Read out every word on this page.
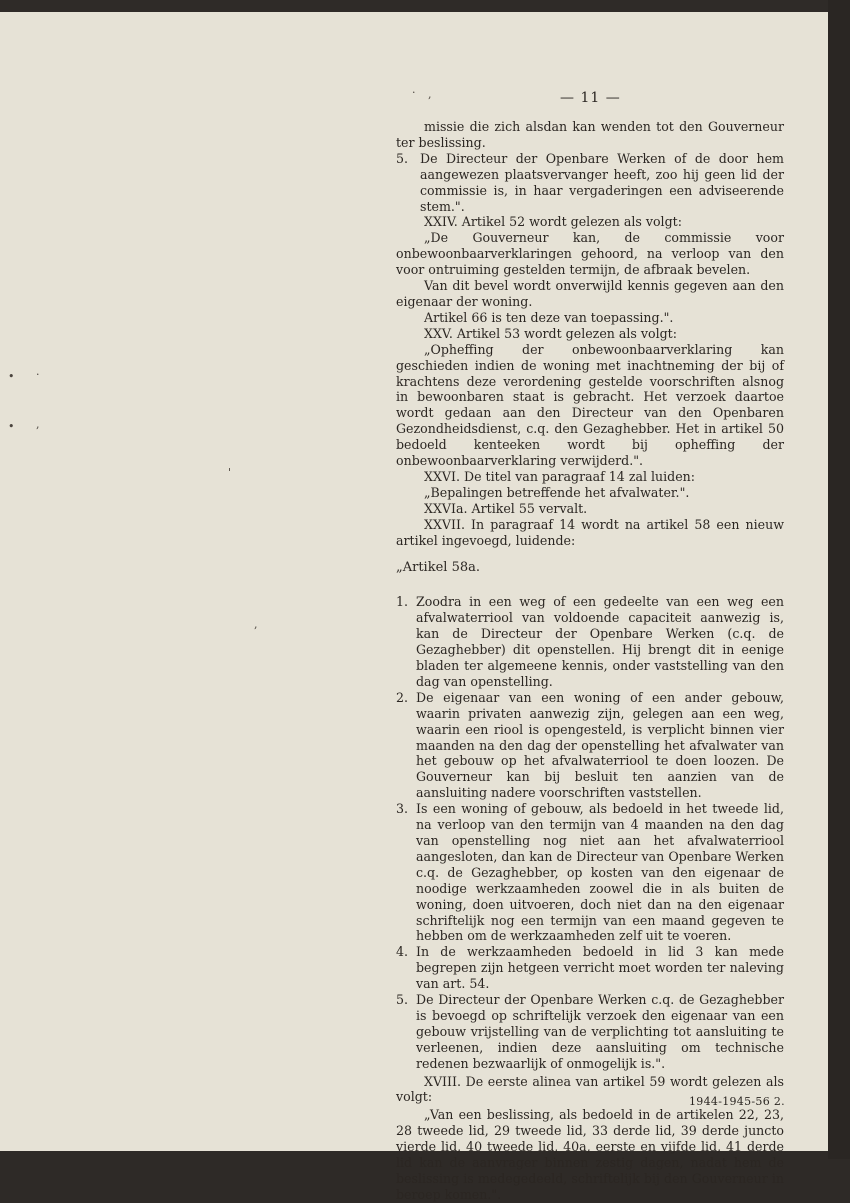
· ,
• ·
• ,
'
,
— 11 —

missie die zich alsdan kan wenden tot den Gouverneur ter beslissing.

5. De Directeur der Openbare Werken of de door hem aangewezen plaatsvervanger heeft, zoo hij geen lid der commissie is, in haar vergaderingen een adviseerende stem.".

XXIV. Artikel 52 wordt gelezen als volgt:

„De Gouverneur kan, de commissie voor onbewoonbaarverklaringen gehoord, na verloop van den voor ontruiming gestelden termijn, de afbraak bevelen.

Van dit bevel wordt onverwijld kennis gegeven aan den eigenaar der woning.

Artikel 66 is ten deze van toepassing.".

XXV. Artikel 53 wordt gelezen als volgt:

„Opheffing der onbewoonbaarverklaring kan geschieden indien de woning met inachtneming der bij of krachtens deze verordening gestelde voorschriften alsnog in bewoonbaren staat is gebracht. Het verzoek daartoe wordt gedaan aan den Directeur van den Openbaren Gezondheidsdienst, c.q. den Gezaghebber. Het in artikel 50 bedoeld kenteeken wordt bij opheffing der onbewoonbaarverklaring verwijderd.".

XXVI. De titel van paragraaf 14 zal luiden:

„Bepalingen betreffende het afvalwater.".

XXVIa. Artikel 55 vervalt.

XXVII. In paragraaf 14 wordt na artikel 58 een nieuw artikel ingevoegd, luidende:

„Artikel 58a.

1. Zoodra in een weg of een gedeelte van een weg een afvalwaterriool van voldoende capaciteit aanwezig is, kan de Directeur der Openbare Werken (c.q. de Gezaghebber) dit openstellen. Hij brengt dit in eenige bladen ter algemeene kennis, onder vaststelling van den dag van openstelling.

2. De eigenaar van een woning of een ander gebouw, waarin privaten aanwezig zijn, gelegen aan een weg, waarin een riool is opengesteld, is verplicht binnen vier maanden na den dag der openstelling het afvalwater van het gebouw op het afvalwaterriool te doen loozen. De Gouverneur kan bij besluit ten aanzien van de aansluiting nadere voorschriften vaststellen.

3. Is een woning of gebouw, als bedoeld in het tweede lid, na verloop van den termijn van 4 maanden na den dag van openstelling nog niet aan het afvalwaterriool aangesloten, dan kan de Directeur van Openbare Werken c.q. de Gezaghebber, op kosten van den eigenaar de noodige werkzaamheden zoowel die in als buiten de woning, doen uitvoeren, doch niet dan na den eigenaar schriftelijk nog een termijn van een maand gegeven te hebben om de werkzaamheden zelf uit te voeren.

4. In de werkzaamheden bedoeld in lid 3 kan mede begrepen zijn hetgeen verricht moet worden ter naleving van art. 54.

5. De Directeur der Openbare Werken c.q. de Gezaghebber is bevoegd op schriftelijk verzoek den eigenaar van een gebouw vrijstelling van de verplichting tot aansluiting te verleenen, indien deze aansluiting om technische redenen bezwaarlijk of onmogelijk is.".

XVIII. De eerste alinea van artikel 59 wordt gelezen als volgt:

„Van een beslissing, als bedoeld in de artikelen 22, 23, 28 tweede lid, 29 tweede lid, 33 derde lid, 39 derde juncto vierde lid, 40 tweede lid, 40a, eerste en vijfde lid, 41 derde lid kan de aanvrager binnen zestig dagen, nadat hem de beslissing is medegedeeld, schriftelijk bij den Gouverneur in beroep komen.".

1944-1945-56 2.
